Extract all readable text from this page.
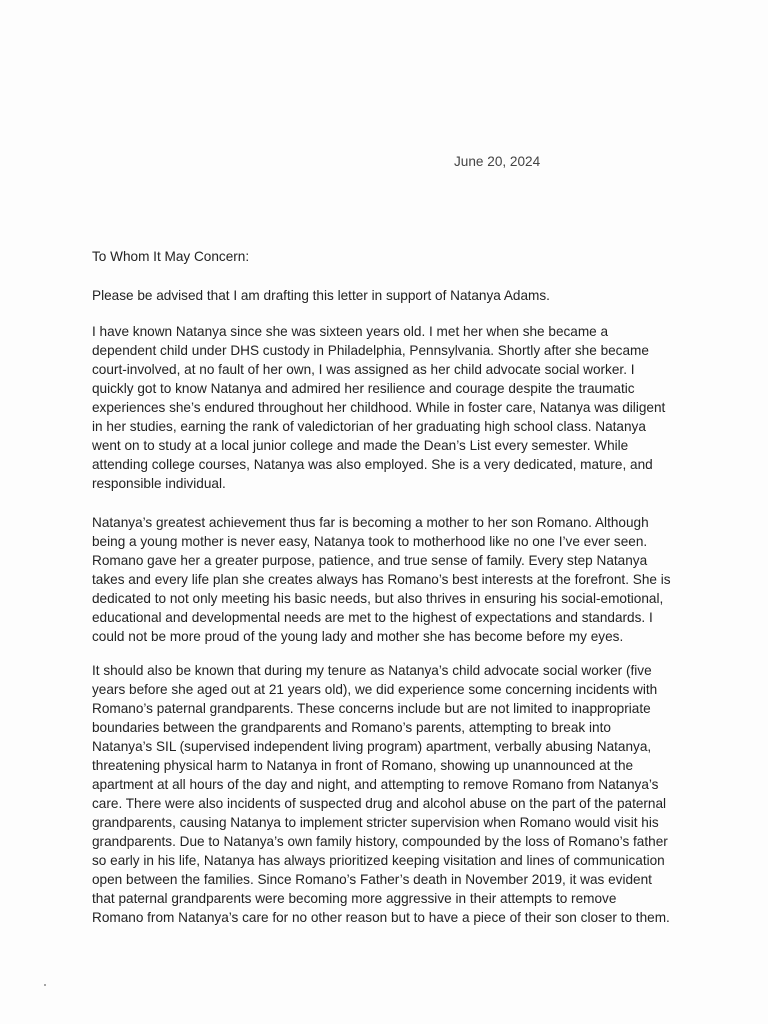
June 20, 2024

To Whom It May Concern:

Please be advised that I am drafting this letter in support of Natanya Adams.

I have known Natanya since she was sixteen years old. I met her when she became a
dependent child under DHS custody in Philadelphia, Pennsylvania. Shortly after she became
court-involved, at no fault of her own, I was assigned as her child advocate social worker. I
quickly got to know Natanya and admired her resilience and courage despite the traumatic
experiences she’s endured throughout her childhood. While in foster care, Natanya was diligent
in her studies, earning the rank of valedictorian of her graduating high school class. Natanya
went on to study at a local junior college and made the Dean’s List every semester. While
attending college courses, Natanya was also employed. She is a very dedicated, mature, and
responsible individual.

Natanya’s greatest achievement thus far is becoming a mother to her son Romano. Although
being a young mother is never easy, Natanya took to motherhood like no one I’ve ever seen.
Romano gave her a greater purpose, patience, and true sense of family. Every step Natanya
takes and every life plan she creates always has Romano’s best interests at the forefront. She is
dedicated to not only meeting his basic needs, but also thrives in ensuring his social-emotional,
educational and developmental needs are met to the highest of expectations and standards. I
could not be more proud of the young lady and mother she has become before my eyes.

It should also be known that during my tenure as Natanya’s child advocate social worker (five
years before she aged out at 21 years old), we did experience some concerning incidents with
Romano’s paternal grandparents. These concerns include but are not limited to inappropriate
boundaries between the grandparents and Romano’s parents, attempting to break into
Natanya’s SIL (supervised independent living program) apartment, verbally abusing Natanya,
threatening physical harm to Natanya in front of Romano, showing up unannounced at the
apartment at all hours of the day and night, and attempting to remove Romano from Natanya’s
care. There were also incidents of suspected drug and alcohol abuse on the part of the paternal
grandparents, causing Natanya to implement stricter supervision when Romano would visit his
grandparents. Due to Natanya’s own family history, compounded by the loss of Romano’s father
so early in his life, Natanya has always prioritized keeping visitation and lines of communication
open between the families. Since Romano’s Father’s death in November 2019, it was evident
that paternal grandparents were becoming more aggressive in their attempts to remove
Romano from Natanya’s care for no other reason but to have a piece of their son closer to them.
